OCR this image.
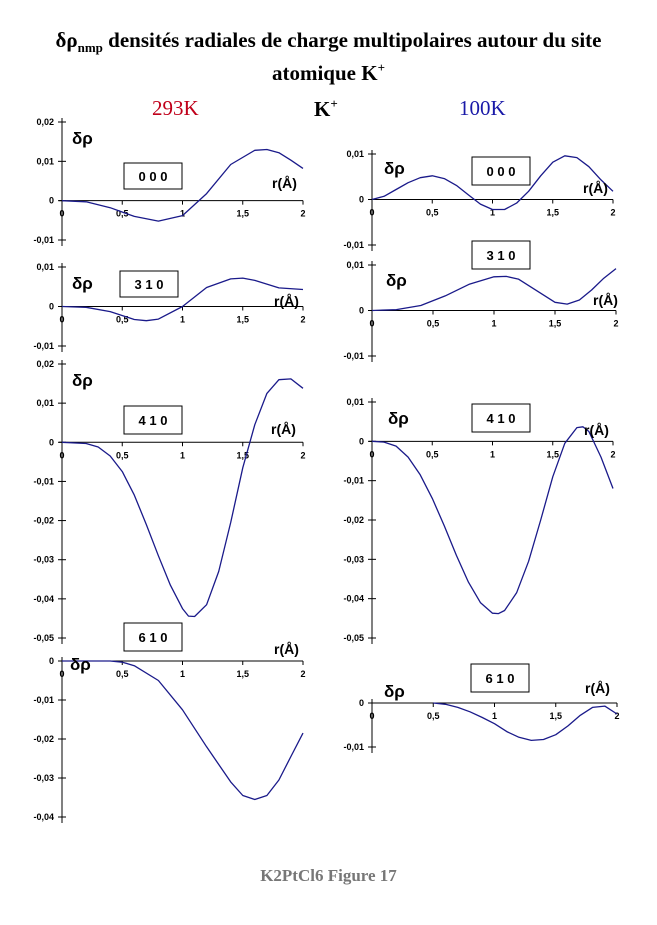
$\delta\rho_{nmp}$ densités radiales de charge multipolaires autour du site
atomique K+
293K	K+	100K
0	0,5	1	1,5	2
0,02
0,01
0
-0,01
0 0 0
δρ
r(Å)
0	0,5	1	1,5	2
0,01
0
-0,01
3 1 0
δρ
r(Å)
0	0,5	1	1,5	2
0,02
0,01
0
-0,01
-0,02
-0,03
-0,04
-0,05
4 1 0
δρ
r(Å)
0	0,5	1	1,5	2
0
-0,01
-0,02
-0,03
-0,04
6 1 0
δρ
r(Å)
0	0,5	1	1,5	2
0,01
0
-0,01
0 0 0
δρ
r(Å)
0	0,5	1	1,5	2
0,01
0
-0,01
3 1 0
δρ
r(Å)
0	0,5	1	1,5	2
0,01
0
-0,01
-0,02
-0,03
-0,04
-0,05
4 1 0
δρ
r(Å)
0	0,5	1	1,5	2
0
-0,01
6 1 0
δρ	r(Å)
K2PtCl6 Figure 17
